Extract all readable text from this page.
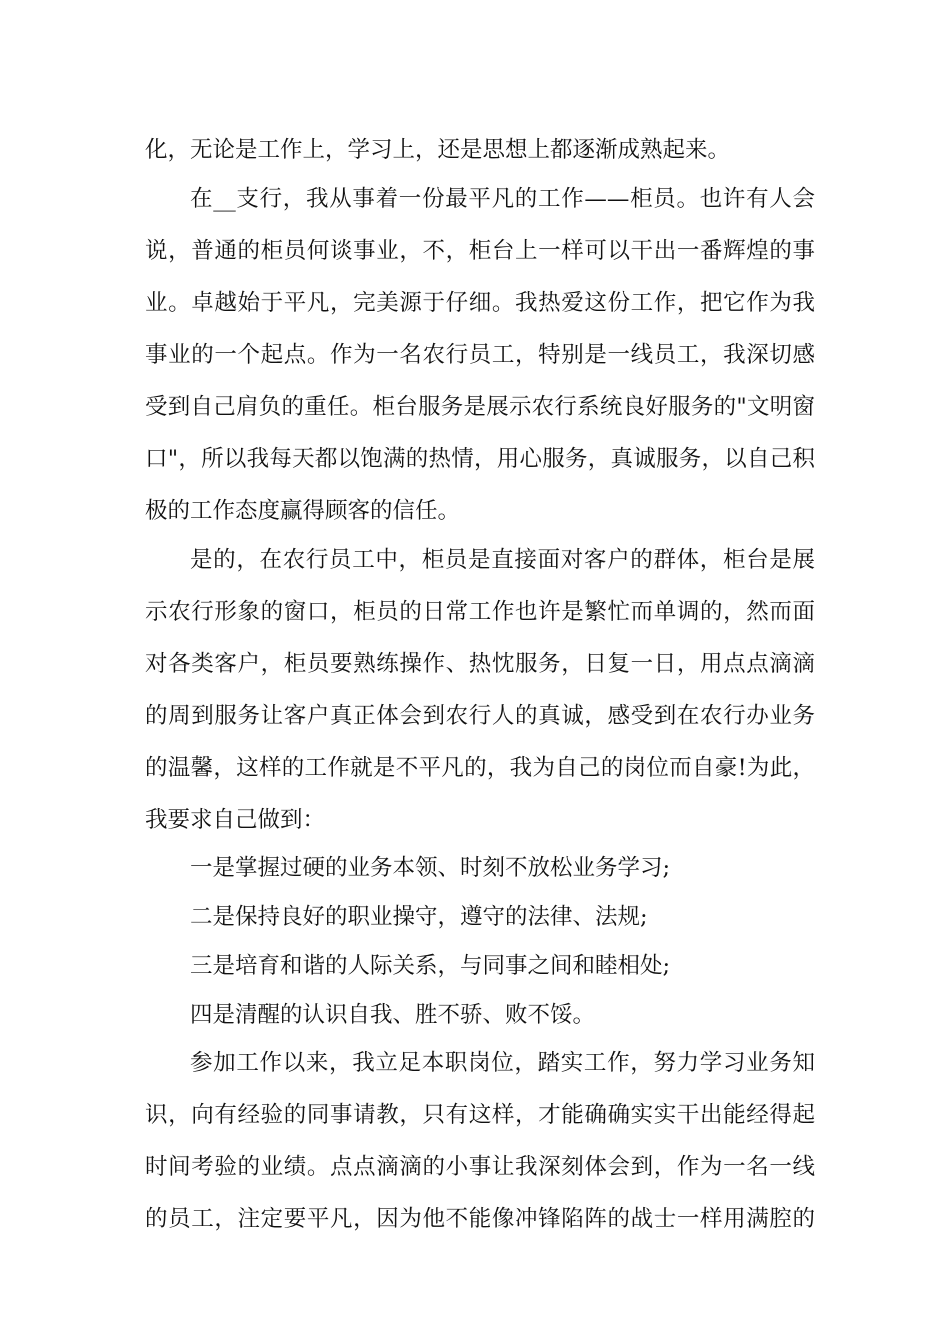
化，无论是工作上，学习上，还是思想上都逐渐成熟起来。
在__支行，我从事着一份最平凡的工作——柜员。也许有人会
说，普通的柜员何谈事业，不，柜台上一样可以干出一番辉煌的事
业。卓越始于平凡，完美源于仔细。我热爱这份工作，把它作为我
事业的一个起点。作为一名农行员工，特别是一线员工，我深切感
受到自己肩负的重任。柜台服务是展示农行系统良好服务的"文明窗
口"，所以我每天都以饱满的热情，用心服务，真诚服务，以自己积
极的工作态度赢得顾客的信任。
是的，在农行员工中，柜员是直接面对客户的群体，柜台是展
示农行形象的窗口，柜员的日常工作也许是繁忙而单调的，然而面
对各类客户，柜员要熟练操作、热忱服务，日复一日，用点点滴滴
的周到服务让客户真正体会到农行人的真诚，感受到在农行办业务
的温馨，这样的工作就是不平凡的，我为自己的岗位而自豪!为此，
我要求自己做到：
一是掌握过硬的业务本领、时刻不放松业务学习;
二是保持良好的职业操守，遵守的法律、法规;
三是培育和谐的人际关系，与同事之间和睦相处;
四是清醒的认识自我、胜不骄、败不馁。
参加工作以来，我立足本职岗位，踏实工作，努力学习业务知
识，向有经验的同事请教，只有这样，才能确确实实干出能经得起
时间考验的业绩。点点滴滴的小事让我深刻体会到，作为一名一线
的员工，注定要平凡，因为他不能像冲锋陷阵的战士一样用满腔的
